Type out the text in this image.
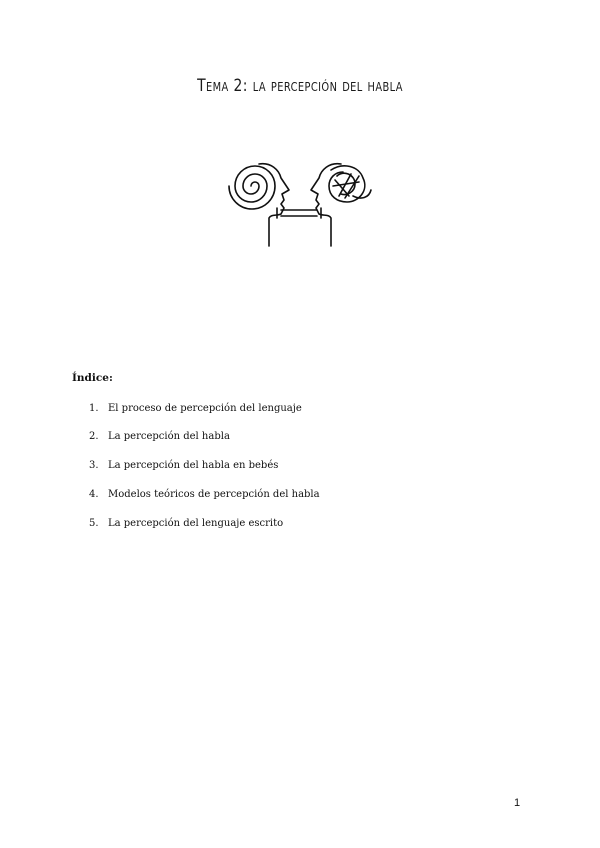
Tema 2: la percepción del habla
Índice:
1. El proceso de percepción del lenguaje
2. La percepción del habla
3. La percepción del habla en bebés
4. Modelos teóricos de percepción del habla
5. La percepción del lenguaje escrito
1
